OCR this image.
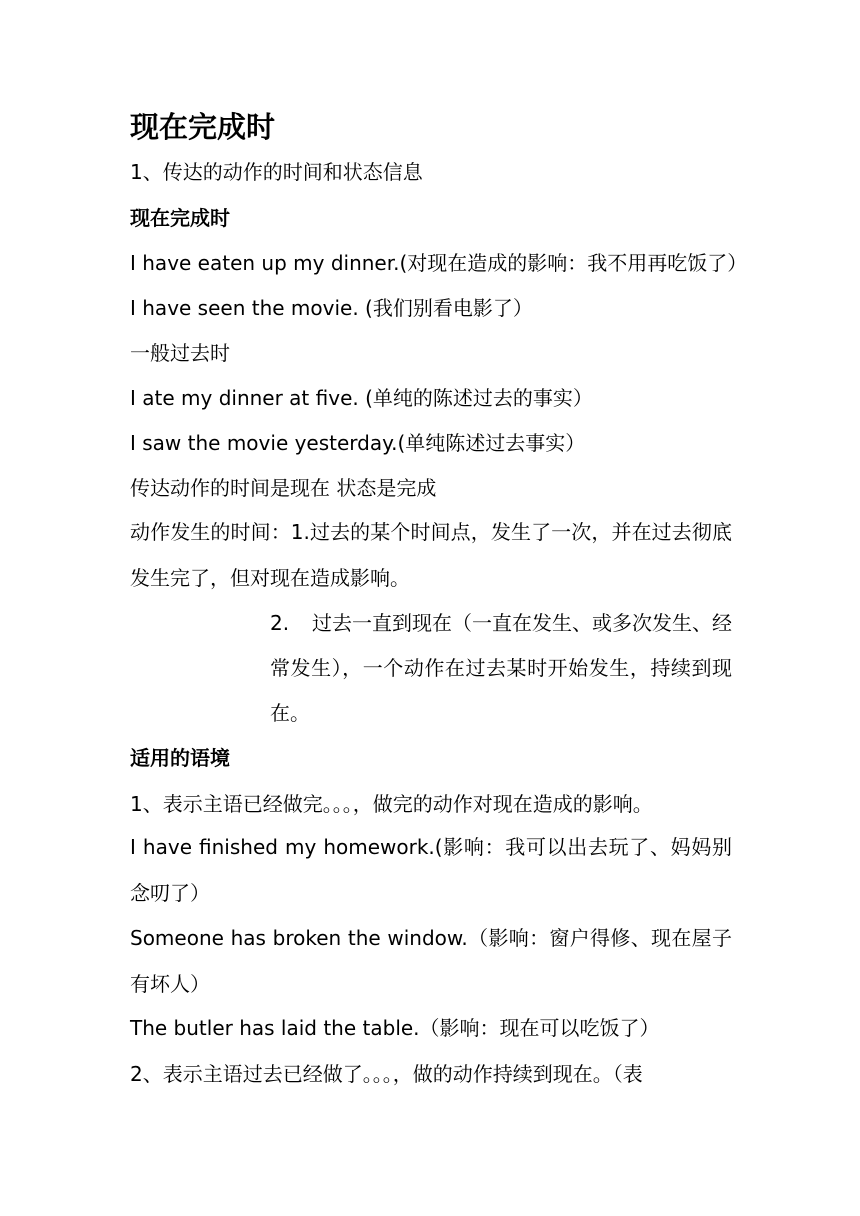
现在完成时
1、传达的动作的时间和状态信息
现在完成时
I have eaten up my dinner.(对现在造成的影响：我不用再吃饭了）
I have seen the movie. (我们别看电影了）
一般过去时
I ate my dinner at five. (单纯的陈述过去的事实）
I saw the movie yesterday.(单纯陈述过去事实）
传达动作的时间是现在 状态是完成
动作发生的时间：1.过去的某个时间点，发生了一次，并在过去彻底发生完了，但对现在造成影响。
2. 过去一直到现在（一直在发生、或多次发生、经常发生），一个动作在过去某时开始发生，持续到现在。
适用的语境
1、表示主语已经做完。。。，做完的动作对现在造成的影响。
I have finished my homework.(影响：我可以出去玩了、妈妈别念叨了）
Someone has broken the window.（影响：窗户得修、现在屋子有坏人）
The butler has laid the table.（影响：现在可以吃饭了）
2、表示主语过去已经做了。。。，做的动作持续到现在。（表
